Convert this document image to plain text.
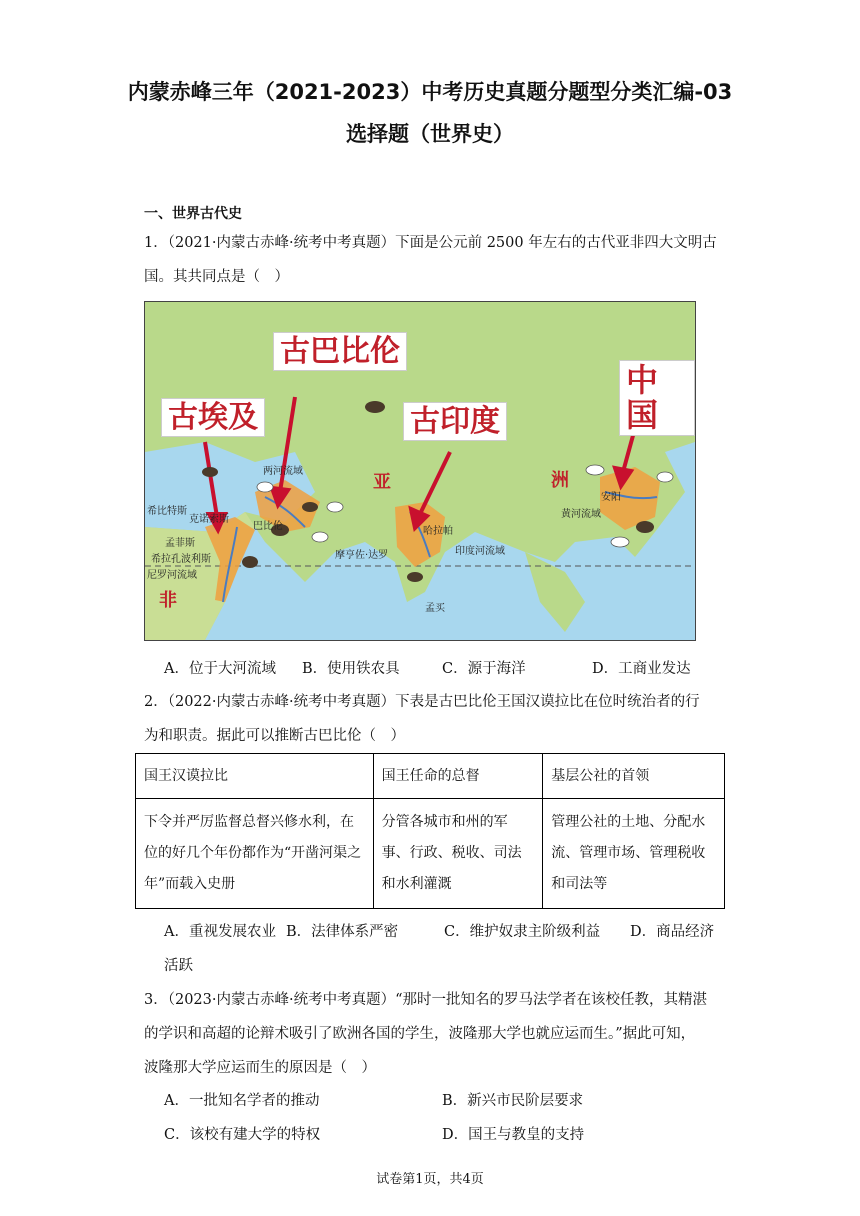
内蒙赤峰三年（2021-2023）中考历史真题分题型分类汇编-03
选择题（世界史）
一、世界古代史
1．（2021·内蒙古赤峰·统考中考真题）下面是公元前 2500 年左右的古代亚非四大文明古
国。其共同点是（　）
古巴比伦
古埃及	古印度
中国
亚	洲
非
两河流域
巴比伦
黄河流域
印度河流域
哈拉帕
摩亨佐·达罗
尼罗河流域
希比特斯
克诺索斯
孟菲斯
希拉孔波利斯
安阳
孟买
A．位于大河流域 B．使用铁农具	C．源于海洋	D．工商业发达
2．（2022·内蒙古赤峰·统考中考真题）下表是古巴比伦王国汉谟拉比在位时统治者的行
为和职责。据此可以推断古巴比伦（　）
国王汉谟拉比	国王任命的总督	基层公社的首领
下令并严厉监督总督兴修水利，在位的好几个年份都作为“开凿河渠之年”而载入史册	分管各城市和州的军事、行政、税收、司法和水利灌溉	管理公社的土地、分配水流、管理市场、管理税收和司法等
A．重视发展农业 B．法律体系严密	C．维护奴隶主阶级利益 D．商品经济
活跃
3．（2023·内蒙古赤峰·统考中考真题）“那时一批知名的罗马法学者在该校任教，其精湛
的学识和高超的论辩术吸引了欧洲各国的学生，波隆那大学也就应运而生。”据此可知，
波隆那大学应运而生的原因是（　）
A．一批知名学者的推动	B．新兴市民阶层要求
C．该校有建大学的特权	D．国王与教皇的支持
试卷第1页，共4页
